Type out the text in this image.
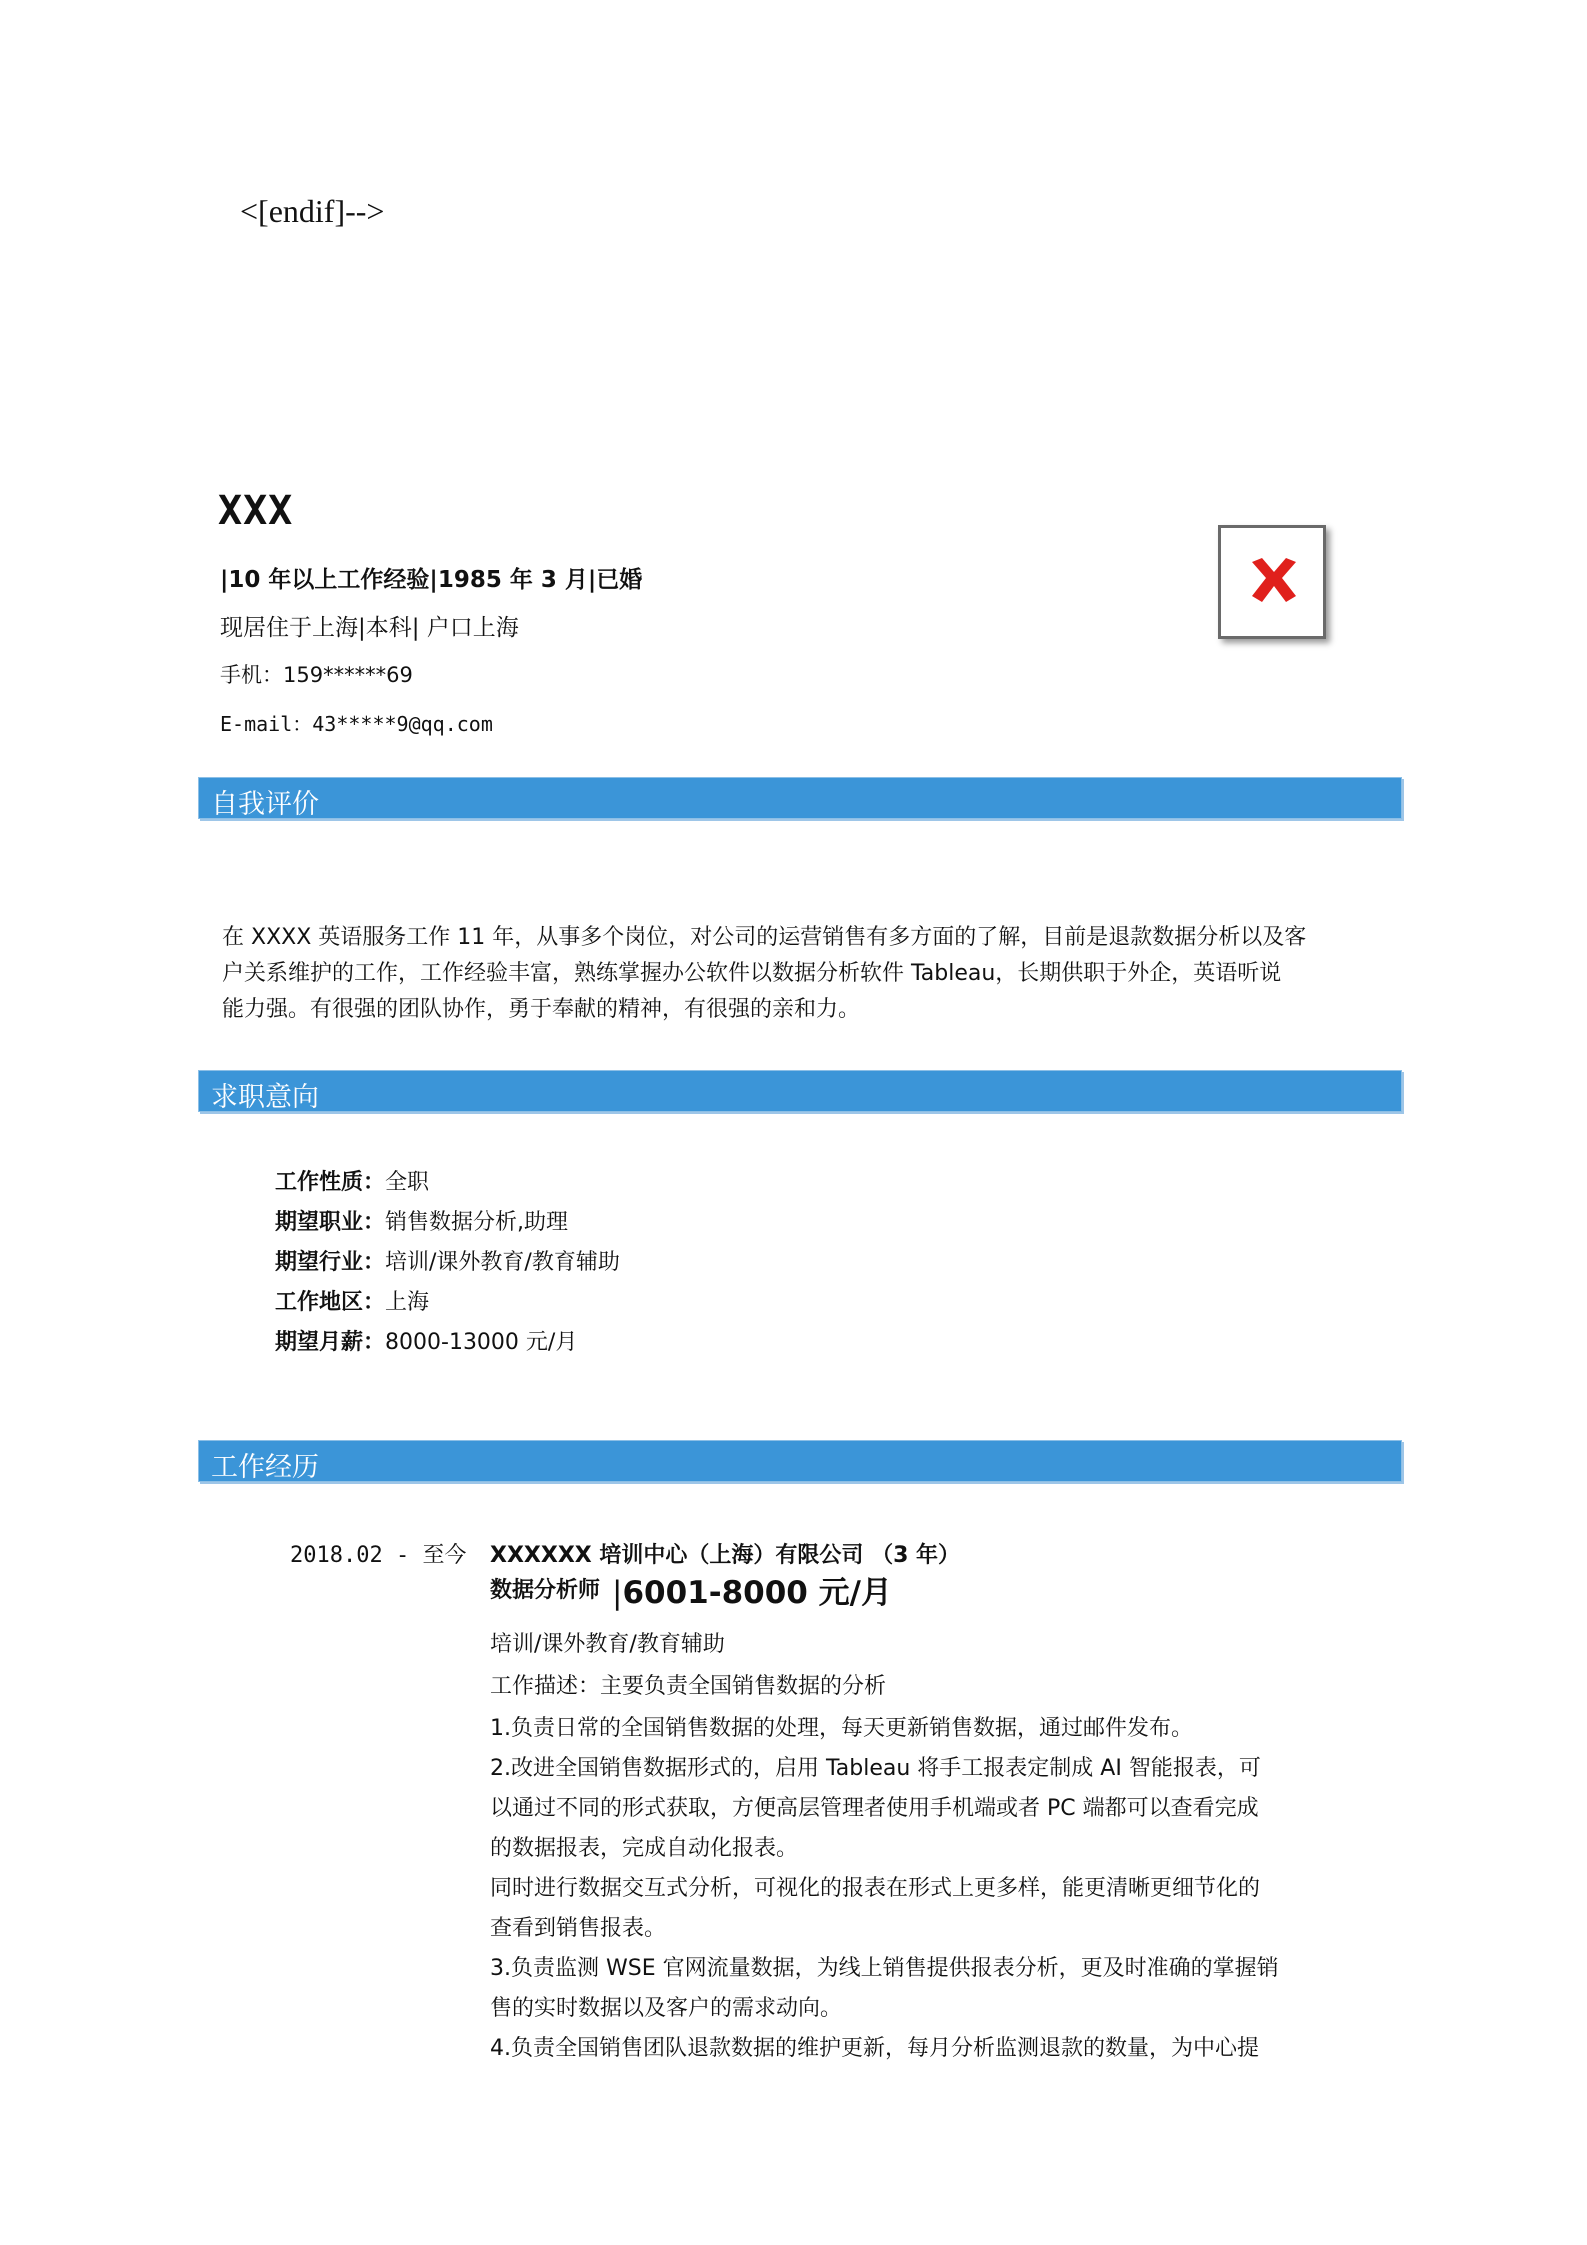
<[endif]-->
XXX
|10 年以上工作经验|1985 年 3 月|已婚
现居住于上海|本科| 户口上海
手机：159******69
E-mail：43*****9@qq.com
自我评价
在 XXXX 英语服务工作 11 年，从事多个岗位，对公司的运营销售有多方面的了解，目前是退款数据分析以及客
户关系维护的工作，工作经验丰富，熟练掌握办公软件以数据分析软件 Tableau，长期供职于外企，英语听说
能力强。有很强的团队协作，勇于奉献的精神，有很强的亲和力。
求职意向
工作性质：全职
期望职业：销售数据分析,助理
期望行业：培训/课外教育/教育辅助
工作地区：上海
期望月薪：8000-13000 元/月
工作经历
2018.02 - 至今 XXXXXX 培训中心（上海）有限公司 （3 年）
数据分析师 |6001-8000 元/月
培训/课外教育/教育辅助
工作描述：主要负责全国销售数据的分析
1.负责日常的全国销售数据的处理，每天更新销售数据，通过邮件发布。
2.改进全国销售数据形式的，启用 Tableau 将手工报表定制成 AI 智能报表，可
以通过不同的形式获取，方便高层管理者使用手机端或者 PC 端都可以查看完成
的数据报表，完成自动化报表。
同时进行数据交互式分析，可视化的报表在形式上更多样，能更清晰更细节化的
查看到销售报表。
3.负责监测 WSE 官网流量数据，为线上销售提供报表分析，更及时准确的掌握销
售的实时数据以及客户的需求动向。
4.负责全国销售团队退款数据的维护更新，每月分析监测退款的数量，为中心提
